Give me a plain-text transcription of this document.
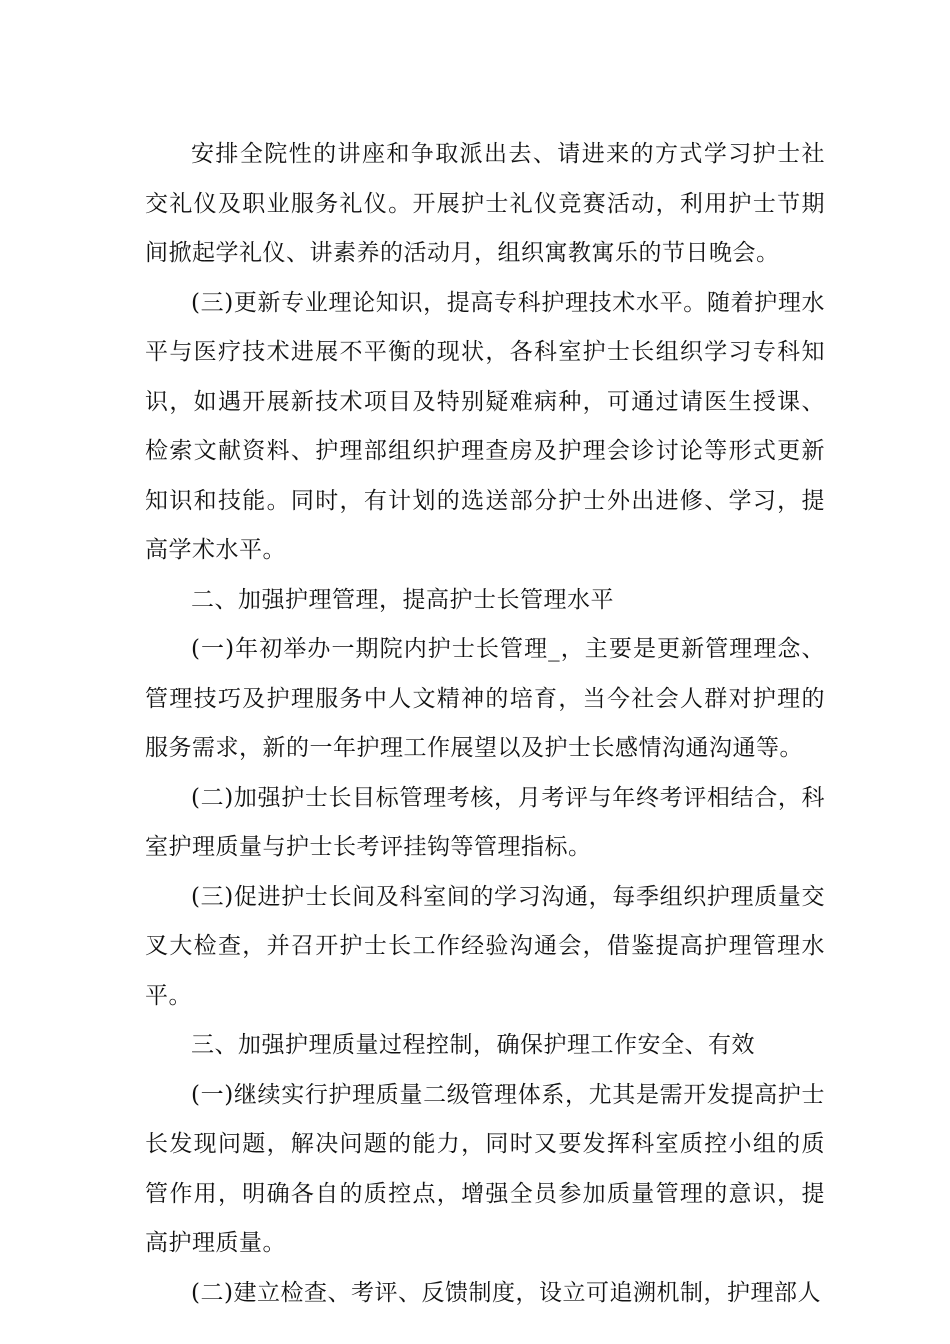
安排全院性的讲座和争取派出去、请进来的方式学习护士社交礼仪及职业服务礼仪。开展护士礼仪竞赛活动，利用护士节期间掀起学礼仪、讲素养的活动月，组织寓教寓乐的节日晚会。

(三)更新专业理论知识，提高专科护理技术水平。随着护理水平与医疗技术进展不平衡的现状，各科室护士长组织学习专科知识，如遇开展新技术项目及特别疑难病种，可通过请医生授课、检索文献资料、护理部组织护理查房及护理会诊讨论等形式更新知识和技能。同时，有计划的选送部分护士外出进修、学习，提高学术水平。

二、加强护理管理，提高护士长管理水平

(一)年初举办一期院内护士长管理_，主要是更新管理理念、管理技巧及护理服务中人文精神的培育，当今社会人群对护理的服务需求，新的一年护理工作展望以及护士长感情沟通沟通等。

(二)加强护士长目标管理考核，月考评与年终考评相结合，科室护理质量与护士长考评挂钩等管理指标。

(三)促进护士长间及科室间的学习沟通，每季组织护理质量交叉大检查，并召开护士长工作经验沟通会，借鉴提高护理管理水平。

三、加强护理质量过程控制，确保护理工作安全、有效

(一)继续实行护理质量二级管理体系，尤其是需开发提高护士长发现问题，解决问题的能力，同时又要发挥科室质控小组的质管作用，明确各自的质控点，增强全员参加质量管理的意识，提高护理质量。

(二)建立检查、考评、反馈制度，设立可追溯机制，护理部人
